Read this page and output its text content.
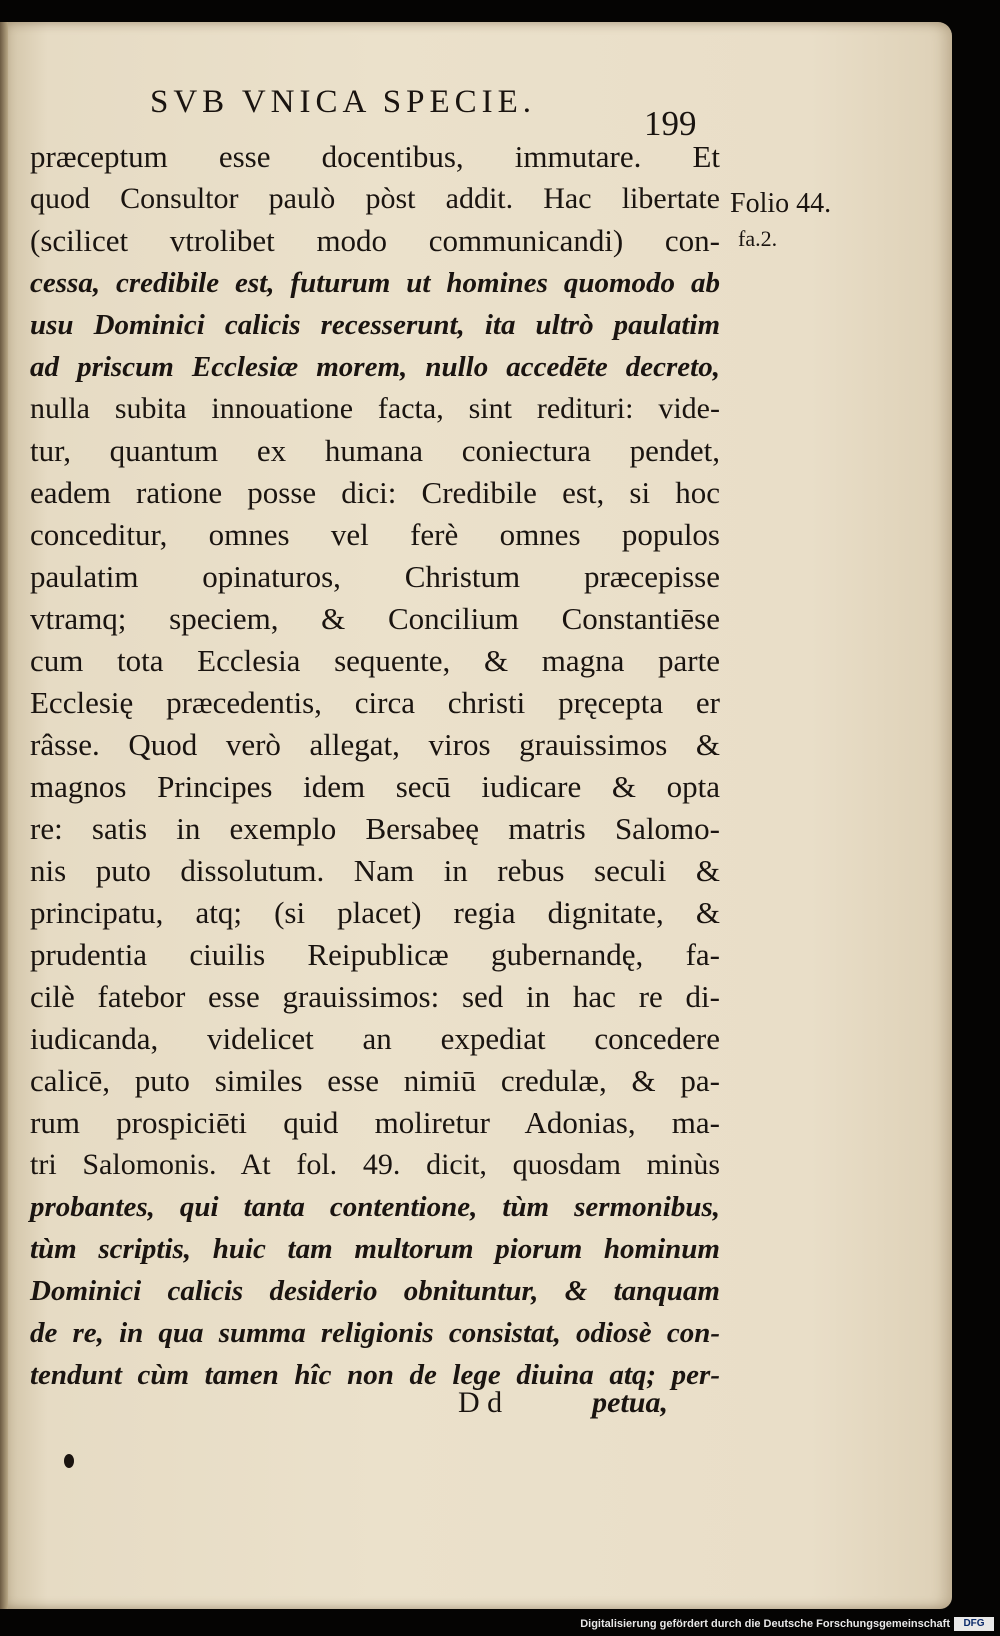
SVB VNICA SPECIE.
199
Folio 44.
fa.2.
præceptum esse docentibus, immutare. Et
quod Consultor paulò pòst addit. Hac libertate
(scilicet vtrolibet modo communicandi) con-
cessa, credibile est, futurum ut homines quomodo ab
usu Dominici calicis recesserunt, ita ultrò paulatim
ad priscum Ecclesiæ morem, nullo accedēte decreto,
nulla subita innouatione facta, sint redituri: vide-
tur, quantum ex humana coniectura pendet,
eadem ratione posse dici: Credibile est, si hoc
conceditur, omnes vel ferè omnes populos
paulatim opinaturos, Christum præcepisse
vtramq; speciem, & Concilium Constantiēse
cum tota Ecclesia sequente, & magna parte
Ecclesię præcedentis, circa christi pręcepta er
râsse. Quod verò allegat, viros grauissimos &
magnos Principes idem secū iudicare & opta
re: satis in exemplo Bersabeę matris Salomo-
nis puto dissolutum. Nam in rebus seculi &
principatu, atq; (si placet) regia dignitate, &
prudentia ciuilis Reipublicæ gubernandę, fa-
cilè fatebor esse grauissimos: sed in hac re di-
iudicanda, videlicet an expediat concedere
calicē, puto similes esse nimiū credulæ, & pa-
rum prospiciēti quid moliretur Adonias, ma-
tri Salomonis. At fol. 49. dicit, quosdam minùs
probantes, qui tanta contentione, tùm sermonibus,
tùm scriptis, huic tam multorum piorum hominum
Dominici calicis desiderio obnituntur, & tanquam
de re, in qua summa religionis consistat, odiosè con-
tendunt cùm tamen hîc non de lege diuina atq; per-
D d	petua,
Digitalisierung gefördert durch die Deutsche Forschungsgemeinschaft	DFG
